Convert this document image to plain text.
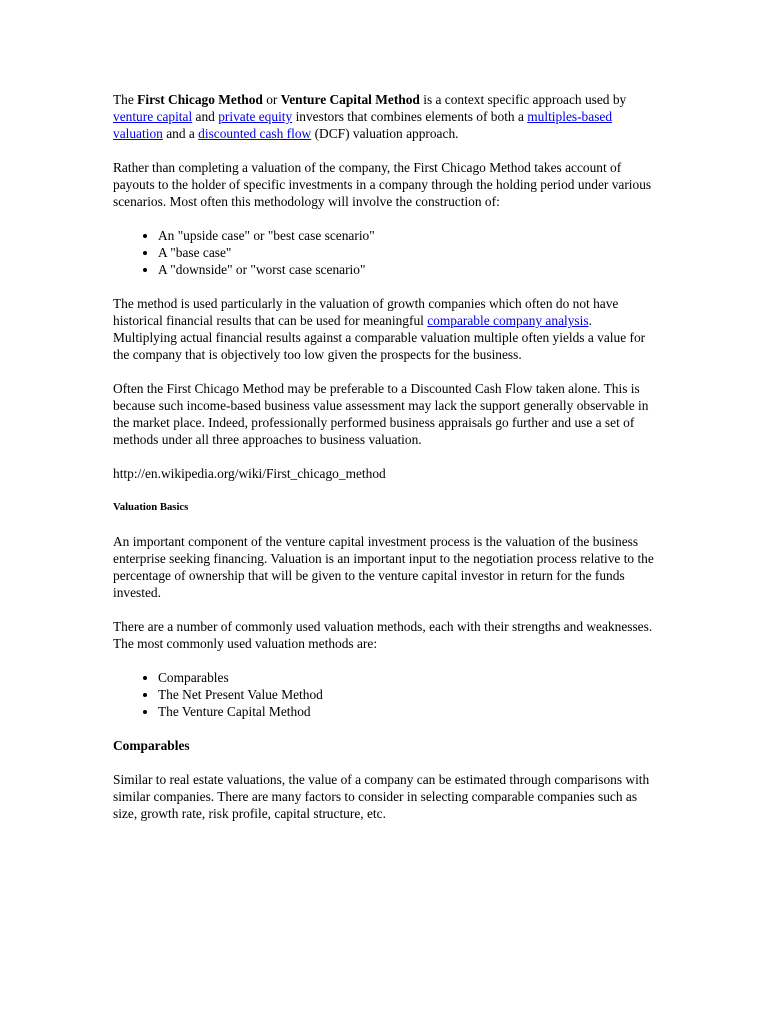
The First Chicago Method or Venture Capital Method is a context specific approach used by venture capital and private equity investors that combines elements of both a multiples-based valuation and a discounted cash flow (DCF) valuation approach.

Rather than completing a valuation of the company, the First Chicago Method takes account of payouts to the holder of specific investments in a company through the holding period under various scenarios. Most often this methodology will involve the construction of:

• An "upside case" or "best case scenario"
• A "base case"
• A "downside" or "worst case scenario"

The method is used particularly in the valuation of growth companies which often do not have historical financial results that can be used for meaningful comparable company analysis. Multiplying actual financial results against a comparable valuation multiple often yields a value for the company that is objectively too low given the prospects for the business.

Often the First Chicago Method may be preferable to a Discounted Cash Flow taken alone. This is because such income-based business value assessment may lack the support generally observable in the market place. Indeed, professionally performed business appraisals go further and use a set of methods under all three approaches to business valuation.

http://en.wikipedia.org/wiki/First_chicago_method

Valuation Basics

An important component of the venture capital investment process is the valuation of the business enterprise seeking financing. Valuation is an important input to the negotiation process relative to the percentage of ownership that will be given to the venture capital investor in return for the funds invested.

There are a number of commonly used valuation methods, each with their strengths and weaknesses. The most commonly used valuation methods are:

• Comparables
• The Net Present Value Method
• The Venture Capital Method
Comparables

Similar to real estate valuations, the value of a company can be estimated through comparisons with similar companies. There are many factors to consider in selecting comparable companies such as size, growth rate, risk profile, capital structure, etc.
